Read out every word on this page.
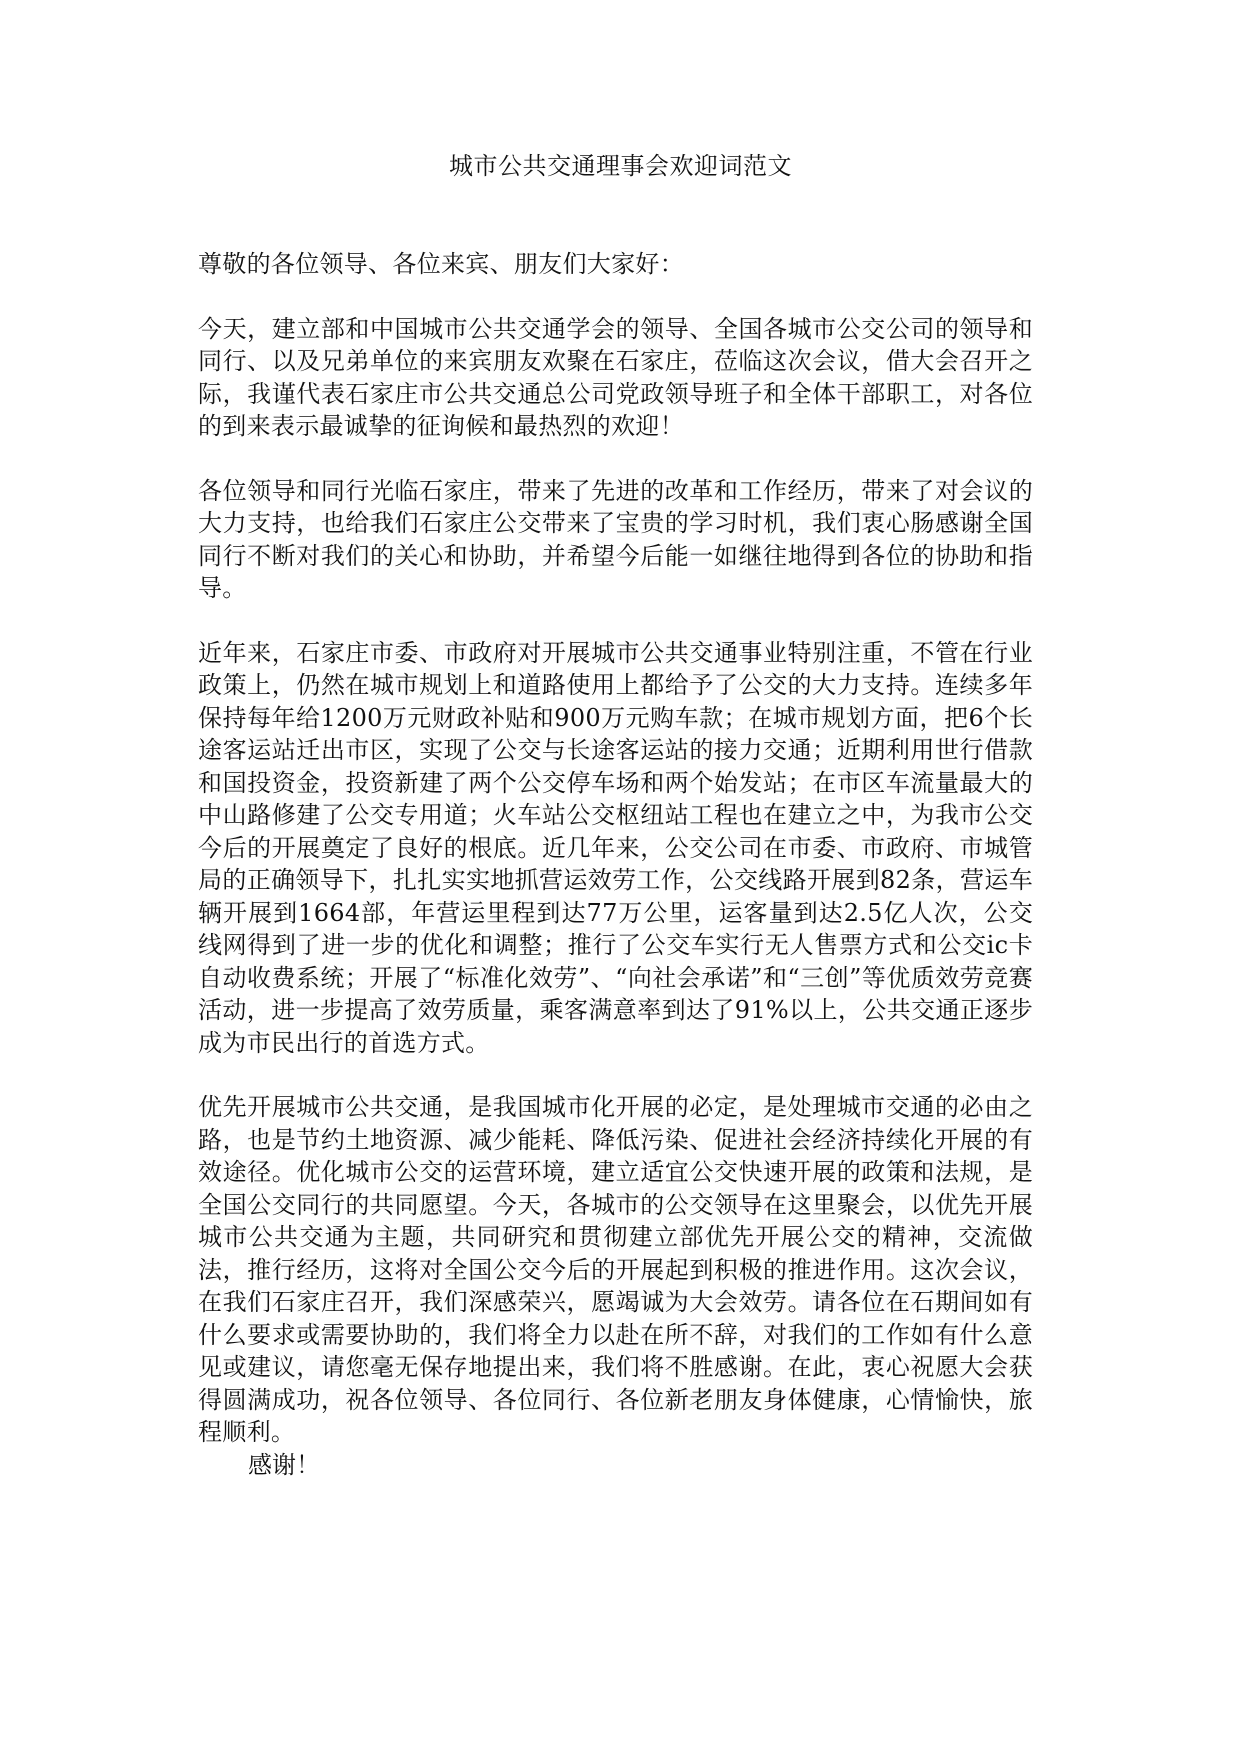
城市公共交通理事会欢迎词范文

尊敬的各位领导、各位来宾、朋友们大家好：

今天，建立部和中国城市公共交通学会的领导、全国各城市公交公司的领导和同行、以及兄弟单位的来宾朋友欢聚在石家庄，莅临这次会议，借大会召开之际，我谨代表石家庄市公共交通总公司党政领导班子和全体干部职工，对各位的到来表示最诚挚的征询候和最热烈的欢迎！

各位领导和同行光临石家庄，带来了先进的改革和工作经历，带来了对会议的大力支持，也给我们石家庄公交带来了宝贵的学习时机，我们衷心肠感谢全国同行不断对我们的关心和协助，并希望今后能一如继往地得到各位的协助和指导。

近年来，石家庄市委、市政府对开展城市公共交通事业特别注重，不管在行业政策上，仍然在城市规划上和道路使用上都给予了公交的大力支持。连续多年保持每年给1200万元财政补贴和900万元购车款；在城市规划方面，把6个长途客运站迁出市区，实现了公交与长途客运站的接力交通；近期利用世行借款和国投资金，投资新建了两个公交停车场和两个始发站；在市区车流量最大的中山路修建了公交专用道；火车站公交枢纽站工程也在建立之中，为我市公交今后的开展奠定了良好的根底。近几年来，公交公司在市委、市政府、市城管局的正确领导下，扎扎实实地抓营运效劳工作，公交线路开展到82条，营运车辆开展到1664部，年营运里程到达77万公里，运客量到达2.5亿人次，公交线网得到了进一步的优化和调整；推行了公交车实行无人售票方式和公交ic卡自动收费系统；开展了“标准化效劳”、“向社会承诺”和“三创”等优质效劳竞赛活动，进一步提高了效劳质量，乘客满意率到达了91%以上，公共交通正逐步成为市民出行的首选方式。

优先开展城市公共交通，是我国城市化开展的必定，是处理城市交通的必由之路，也是节约土地资源、减少能耗、降低污染、促进社会经济持续化开展的有效途径。优化城市公交的运营环境，建立适宜公交快速开展的政策和法规，是全国公交同行的共同愿望。今天，各城市的公交领导在这里聚会，以优先开展城市公共交通为主题，共同研究和贯彻建立部优先开展公交的精神，交流做法，推行经历，这将对全国公交今后的开展起到积极的推进作用。这次会议，在我们石家庄召开，我们深感荣兴，愿竭诚为大会效劳。请各位在石期间如有什么要求或需要协助的，我们将全力以赴在所不辞，对我们的工作如有什么意见或建议，请您毫无保存地提出来，我们将不胜感谢。在此，衷心祝愿大会获得圆满成功，祝各位领导、各位同行、各位新老朋友身体健康，心情愉快，旅程顺利。

感谢！
